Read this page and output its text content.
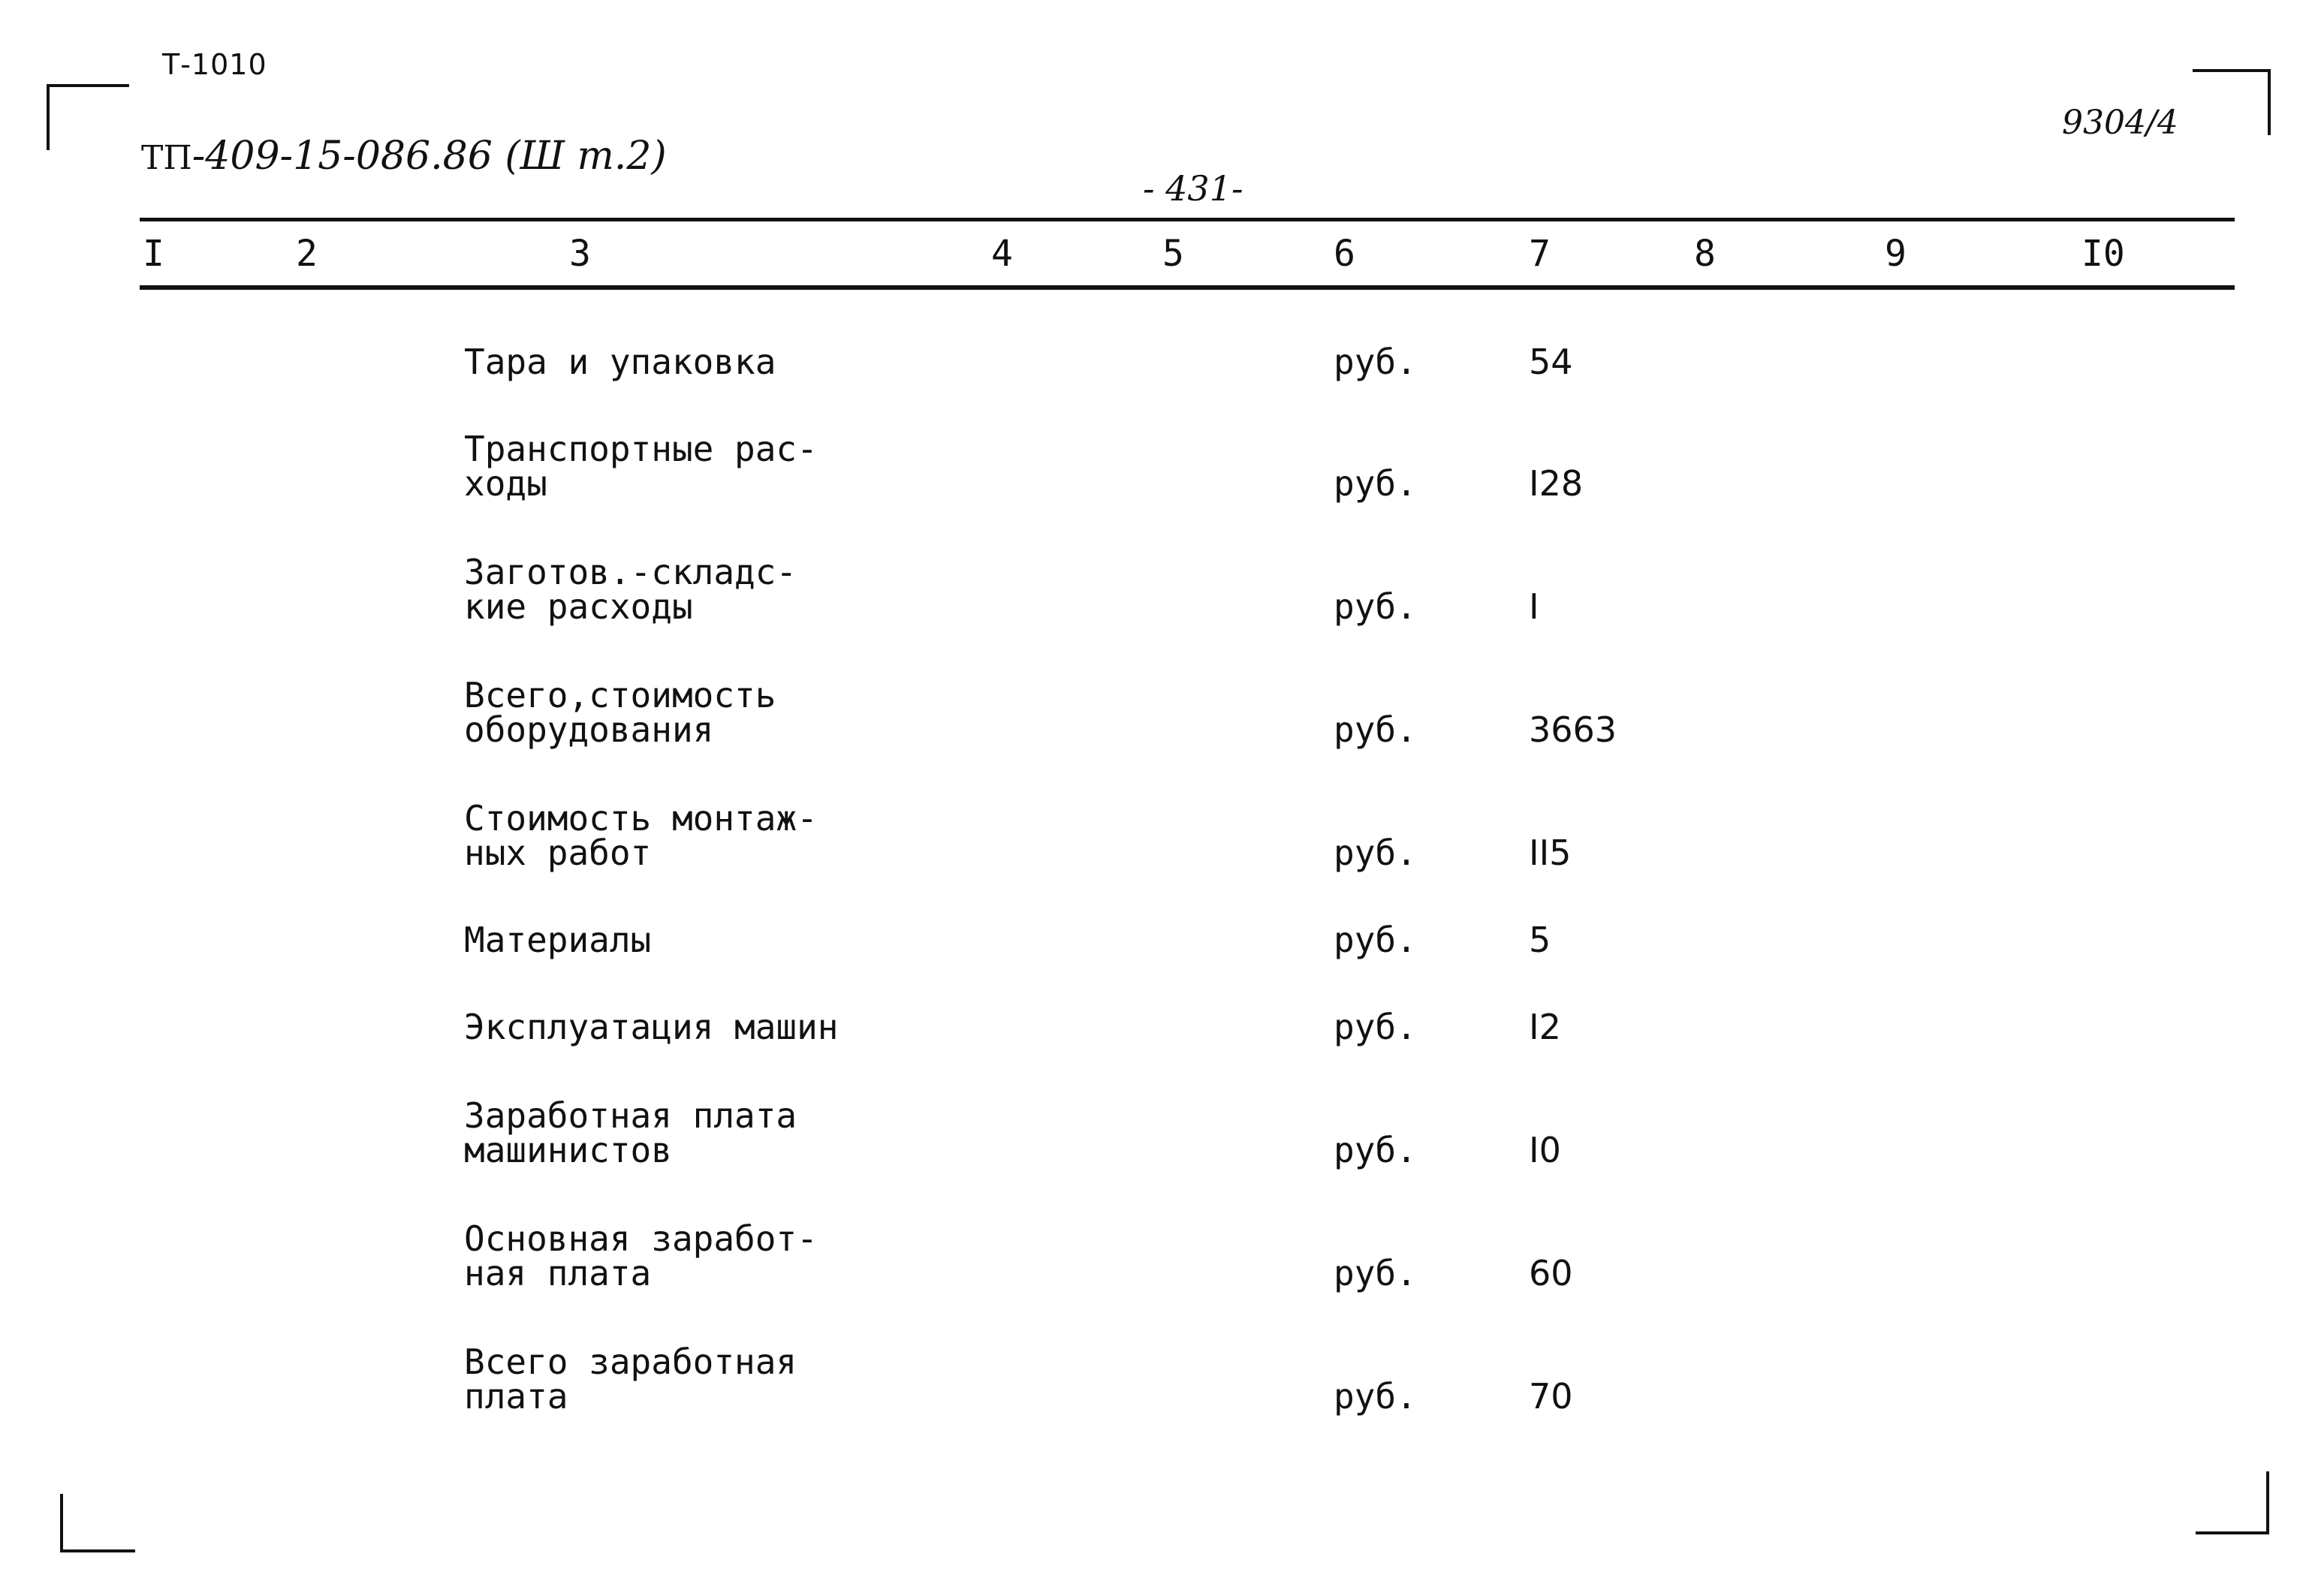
Т-1010
ТП-409-15-086.86 (Ш т.2)
- 431-
9304/4
I	2	3	4	5	6	7	8	9	I0
Тара и упаковка	руб.	54
Транспортные рас-
ходы	руб.	I28
Заготов.-складс-
кие расходы	руб.	I
Всего,стоимость
оборудования	руб.	3663
Стоимость монтаж-
ных работ	руб.	II5
Материалы	руб.	5
Эксплуатация машин	руб.	I2
Заработная плата
машинистов	руб.	I0
Основная заработ-
ная плата	руб.	60
Всего заработная
плата	руб.	70
